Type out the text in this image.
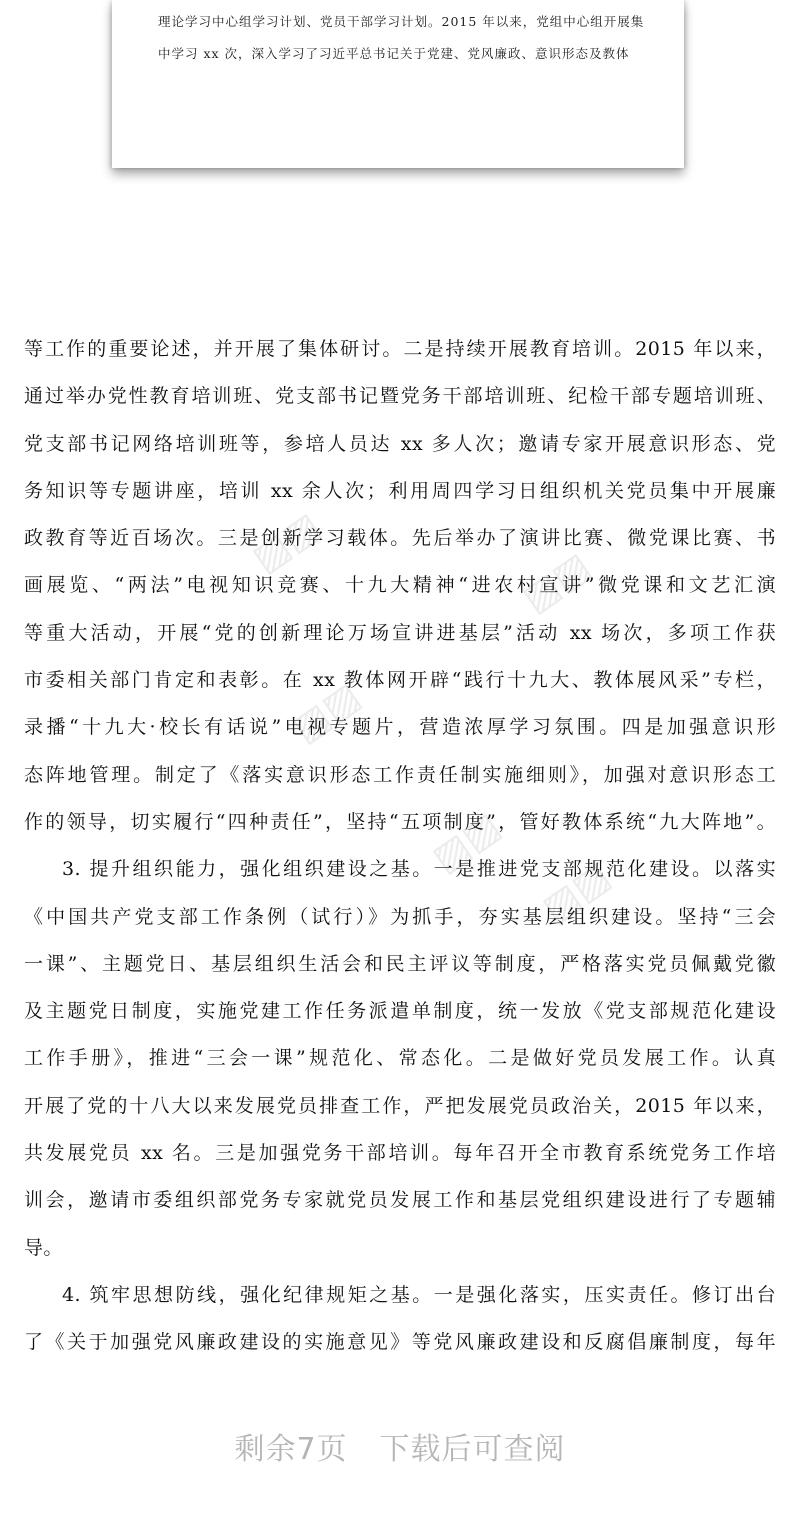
理论学习中心组学习计划、党员干部学习计划。2015 年以来，党组中心组开展集
中学习 xx 次，深入学习了习近平总书记关于党建、党风廉政、意识形态及教体
▨▨
▨▨
▨▨
▨▨
▨▨
等工作的重要论述，并开展了集体研讨。二是持续开展教育培训。2015 年以来，
通过举办党性教育培训班、党支部书记暨党务干部培训班、纪检干部专题培训班、
党支部书记网络培训班等，参培人员达 xx 多人次；邀请专家开展意识形态、党
务知识等专题讲座，培训 xx 余人次；利用周四学习日组织机关党员集中开展廉
政教育等近百场次。三是创新学习载体。先后举办了演讲比赛、微党课比赛、书
画展览、“两法”电视知识竞赛、十九大精神“进农村宣讲”微党课和文艺汇演
等重大活动，开展“党的创新理论万场宣讲进基层”活动 xx 场次，多项工作获
市委相关部门肯定和表彰。在 xx 教体网开辟“践行十九大、教体展风采”专栏，
录播“十九大·校长有话说”电视专题片，营造浓厚学习氛围。四是加强意识形
态阵地管理。制定了《落实意识形态工作责任制实施细则》，加强对意识形态工
作的领导，切实履行“四种责任”，坚持“五项制度”，管好教体系统“九大阵地”。
3. 提升组织能力，强化组织建设之基。一是推进党支部规范化建设。以落实
《中国共产党支部工作条例（试行）》为抓手，夯实基层组织建设。坚持“三会
一课”、主题党日、基层组织生活会和民主评议等制度，严格落实党员佩戴党徽
及主题党日制度，实施党建工作任务派遣单制度，统一发放《党支部规范化建设
工作手册》，推进“三会一课”规范化、常态化。二是做好党员发展工作。认真
开展了党的十八大以来发展党员排查工作，严把发展党员政治关，2015 年以来，
共发展党员 xx 名。三是加强党务干部培训。每年召开全市教育系统党务工作培
训会，邀请市委组织部党务专家就党员发展工作和基层党组织建设进行了专题辅
导。
4. 筑牢思想防线，强化纪律规矩之基。一是强化落实，压实责任。修订出台
了《关于加强党风廉政建设的实施意见》等党风廉政建设和反腐倡廉制度，每年
剩余7页 下载后可查阅
